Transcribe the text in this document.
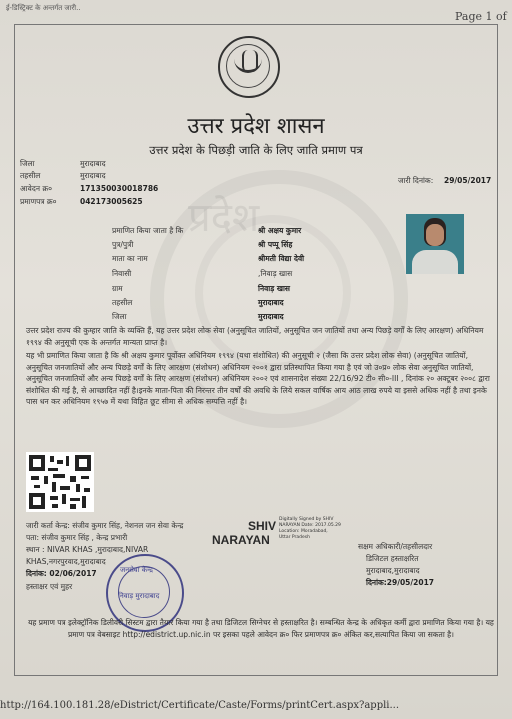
ई-डिस्ट्रिक्ट के अन्तर्गत जारी..
Page 1 of
प्रदेश
उत्तर प्रदेश शासन
उत्तर प्रदेश के पिछड़ी जाति के लिए जाति प्रमाण पत्र
जिला	मुरादाबाद
तहसील	मुरादाबाद
आवेदन क्र०	171350030018786
प्रमाणपत्र क्र०	042173005625
जारी दिनांक: 29/05/2017
प्रमाणित किया जाता है कि	श्री अक्षय कुमार
पुत्र/पुत्री	श्री पप्पू सिंह
माता का नाम	श्रीमती विद्या देवी
निवासी	,निवाड़ खास
ग्राम	निवाड़ खास
तहसील	मुरादाबाद
जिला	मुरादाबाद
उत्तर प्रदेश राज्य की कुम्हार जाति के व्यक्ति हैं, यह उत्तर प्रदेश लोक सेवा (अनुसूचित जातियों, अनुसूचित जन जातियों तथा अन्य पिछड़े वर्गों के लिए आरक्षण) अधिनियम १९९४ की अनुसूची एक के अन्तर्गत मान्यता प्राप्त है।
यह भी प्रमाणित किया जाता है कि श्री अक्षय कुमार पूर्वोक्त अधिनियम १९९४ (यथा संशोधित) की अनुसूची २ (जैसा कि उत्तर प्रदेश लोक सेवा) (अनुसूचित जातियों, अनुसूचित जनजातियों और अन्य पिछड़े वर्गों के लिए आरक्षण (संशोधन) अधिनियम २००१ द्वारा प्रतिस्थापित किया गया है एवं जो उ०प्र० लोक सेवा अनुसूचित जातियों, अनुसूचित जनजातियों और अन्य पिछड़े वर्गों के लिए आरक्षण (संशोधन) अधिनियम २००२ एवं शासनादेश संख्या 22/16/92 टी० सी०-III , दिनांक २० अक्टूबर २००८ द्वारा संशोधित की गई है, से आच्छादित नहीं है।इनके माता-पिता की निरन्तर तीन वर्षों की अवधि के लिये सकल वार्षिक आय आठ लाख रुपये या इससे अधिक नहीं है तथा इनके पास धन कर अधिनियम १९५७ में यथा विहित छूट सीमा से अधिक सम्पत्ति नहीं है।
जारी कर्ता केन्द्र: संजीव कुमार सिंह, नेशनल जन सेवा केन्द्र
पता: संजीव कुमार सिंह , केन्द्र प्रभारी
स्थान : NIVAR KHAS ,मुरादाबाद,NIVAR
KHAS,नगरपुरवाद,मुरादाबाद
दिनांक: 02/06/2017
हस्ताक्षर एवं मुहर
जनसेवा केन्द्र
निवाड़ मुरादाबाद
SHIV
NARAYAN
Digitally Signed by SHIV
NARAYAN Date: 2017.05.29
Location: Moradabad,
Uttar Pradesh
सक्षम अधिकारी/तहसीलदार
डिजिटल हस्ताक्षरित
मुरादाबाद,मुरादाबाद
दिनांक:29/05/2017
यह प्रमाण पत्र इलेक्ट्रॉनिक डिलीवरी सिस्टम द्वारा तैयार किया गया है तथा डिजिटल सिग्नेचर से हस्ताक्षरित है। सम्बन्धित केन्द्र के अधिकृत कर्मी द्वारा प्रमाणित किया गया है। यह प्रमाण पत्र वेबसाइट http://edistrict.up.nic.in पर इसका पहले आवेदन क्र० फिर प्रमाणपत्र क्र० अंकित कर,सत्यापित किया जा सकता है।
http://164.100.181.28/eDistrict/Certificate/Caste/Forms/printCert.aspx?appli...
